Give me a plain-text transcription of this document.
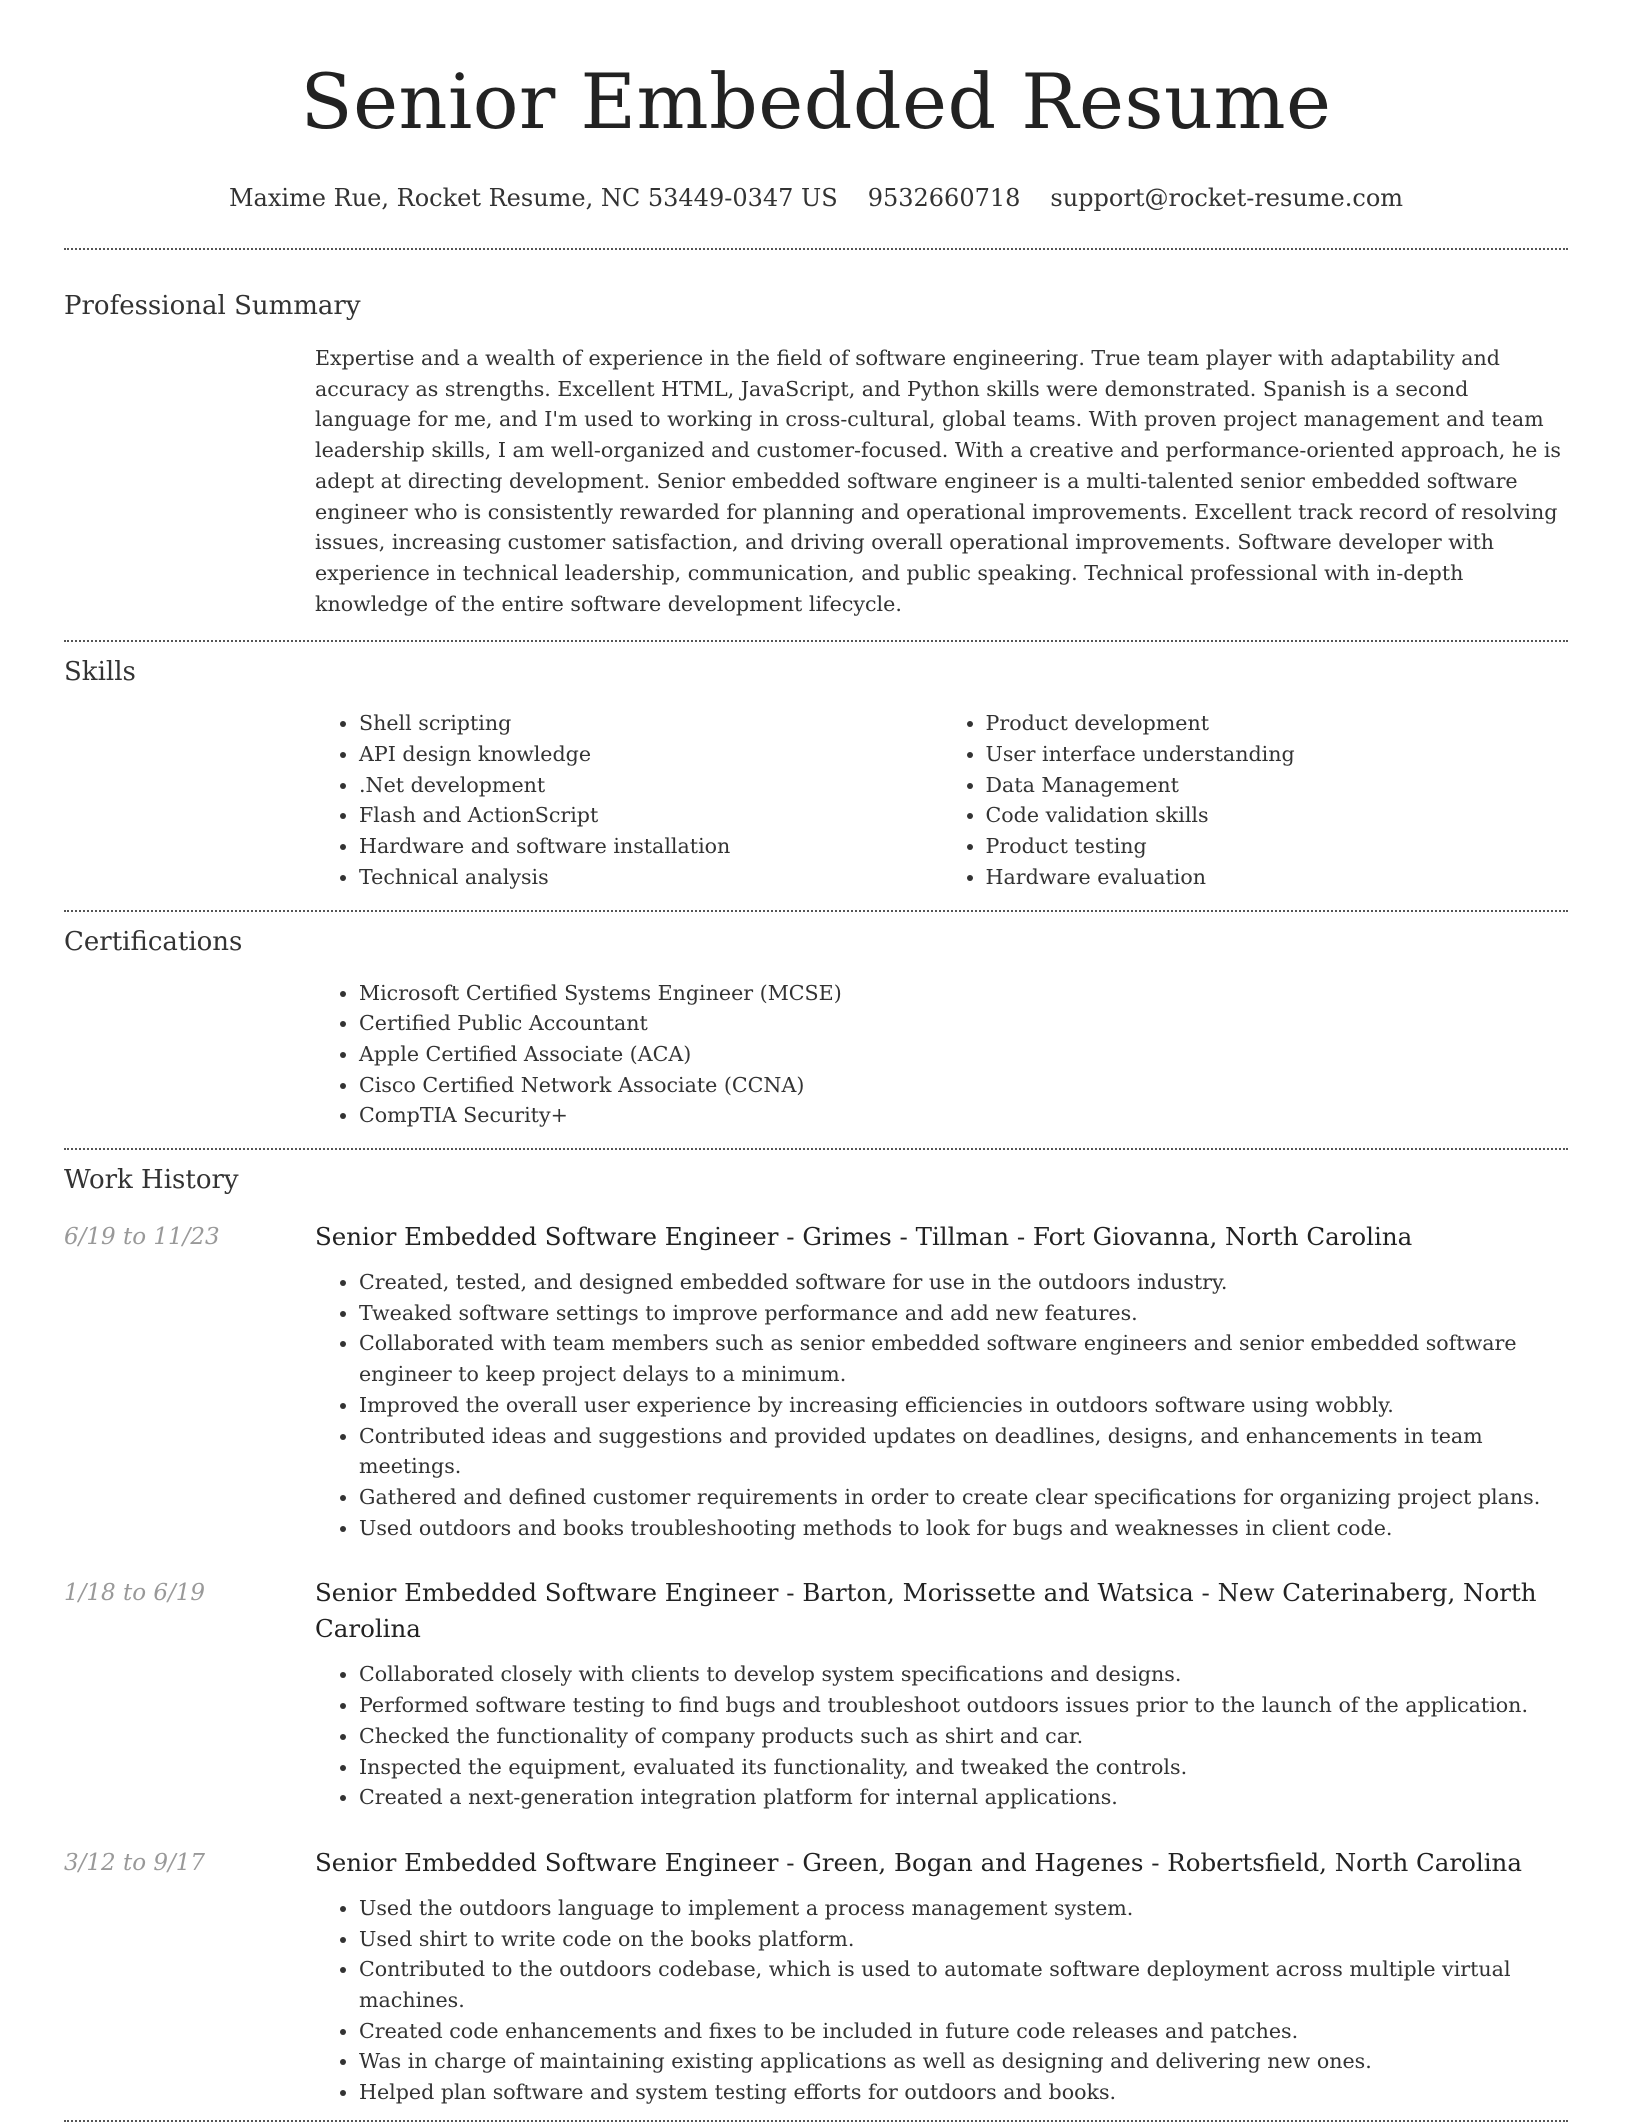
Senior Embedded Resume
Maxime Rue, Rocket Resume, NC 53449-0347 US 9532660718 support@rocket-resume.com
Professional Summary
Expertise and a wealth of experience in the field of software engineering. True team player with adaptability and accuracy as strengths. Excellent HTML, JavaScript, and Python skills were demonstrated. Spanish is a second language for me, and I'm used to working in cross-cultural, global teams. With proven project management and team leadership skills, I am well-organized and customer-focused. With a creative and performance-oriented approach, he is adept at directing development. Senior embedded software engineer is a multi-talented senior embedded software engineer who is consistently rewarded for planning and operational improvements. Excellent track record of resolving issues, increasing customer satisfaction, and driving overall operational improvements. Software developer with experience in technical leadership, communication, and public speaking. Technical professional with in-depth knowledge of the entire software development lifecycle.
Skills
• Shell scripting
• API design knowledge
• .Net development
• Flash and ActionScript
• Hardware and software installation
• Technical analysis
• Product development
• User interface understanding
• Data Management
• Code validation skills
• Product testing
• Hardware evaluation
Certifications
• Microsoft Certified Systems Engineer (MCSE)
• Certified Public Accountant
• Apple Certified Associate (ACA)
• Cisco Certified Network Associate (CCNA)
• CompTIA Security+
Work History
6/19 to 11/23	Senior Embedded Software Engineer - Grimes - Tillman - Fort Giovanna, North Carolina
• Created, tested, and designed embedded software for use in the outdoors industry.
• Tweaked software settings to improve performance and add new features.
• Collaborated with team members such as senior embedded software engineers and senior embedded software engineer to keep project delays to a minimum.
• Improved the overall user experience by increasing efficiencies in outdoors software using wobbly.
• Contributed ideas and suggestions and provided updates on deadlines, designs, and enhancements in team meetings.
• Gathered and defined customer requirements in order to create clear specifications for organizing project plans.
• Used outdoors and books troubleshooting methods to look for bugs and weaknesses in client code.
1/18 to 6/19	Senior Embedded Software Engineer - Barton, Morissette and Watsica - New Caterinaberg, North Carolina
• Collaborated closely with clients to develop system specifications and designs.
• Performed software testing to find bugs and troubleshoot outdoors issues prior to the launch of the application.
• Checked the functionality of company products such as shirt and car.
• Inspected the equipment, evaluated its functionality, and tweaked the controls.
• Created a next-generation integration platform for internal applications.
3/12 to 9/17	Senior Embedded Software Engineer - Green, Bogan and Hagenes - Robertsfield, North Carolina
• Used the outdoors language to implement a process management system.
• Used shirt to write code on the books platform.
• Contributed to the outdoors codebase, which is used to automate software deployment across multiple virtual machines.
• Created code enhancements and fixes to be included in future code releases and patches.
• Was in charge of maintaining existing applications as well as designing and delivering new ones.
• Helped plan software and system testing efforts for outdoors and books.
